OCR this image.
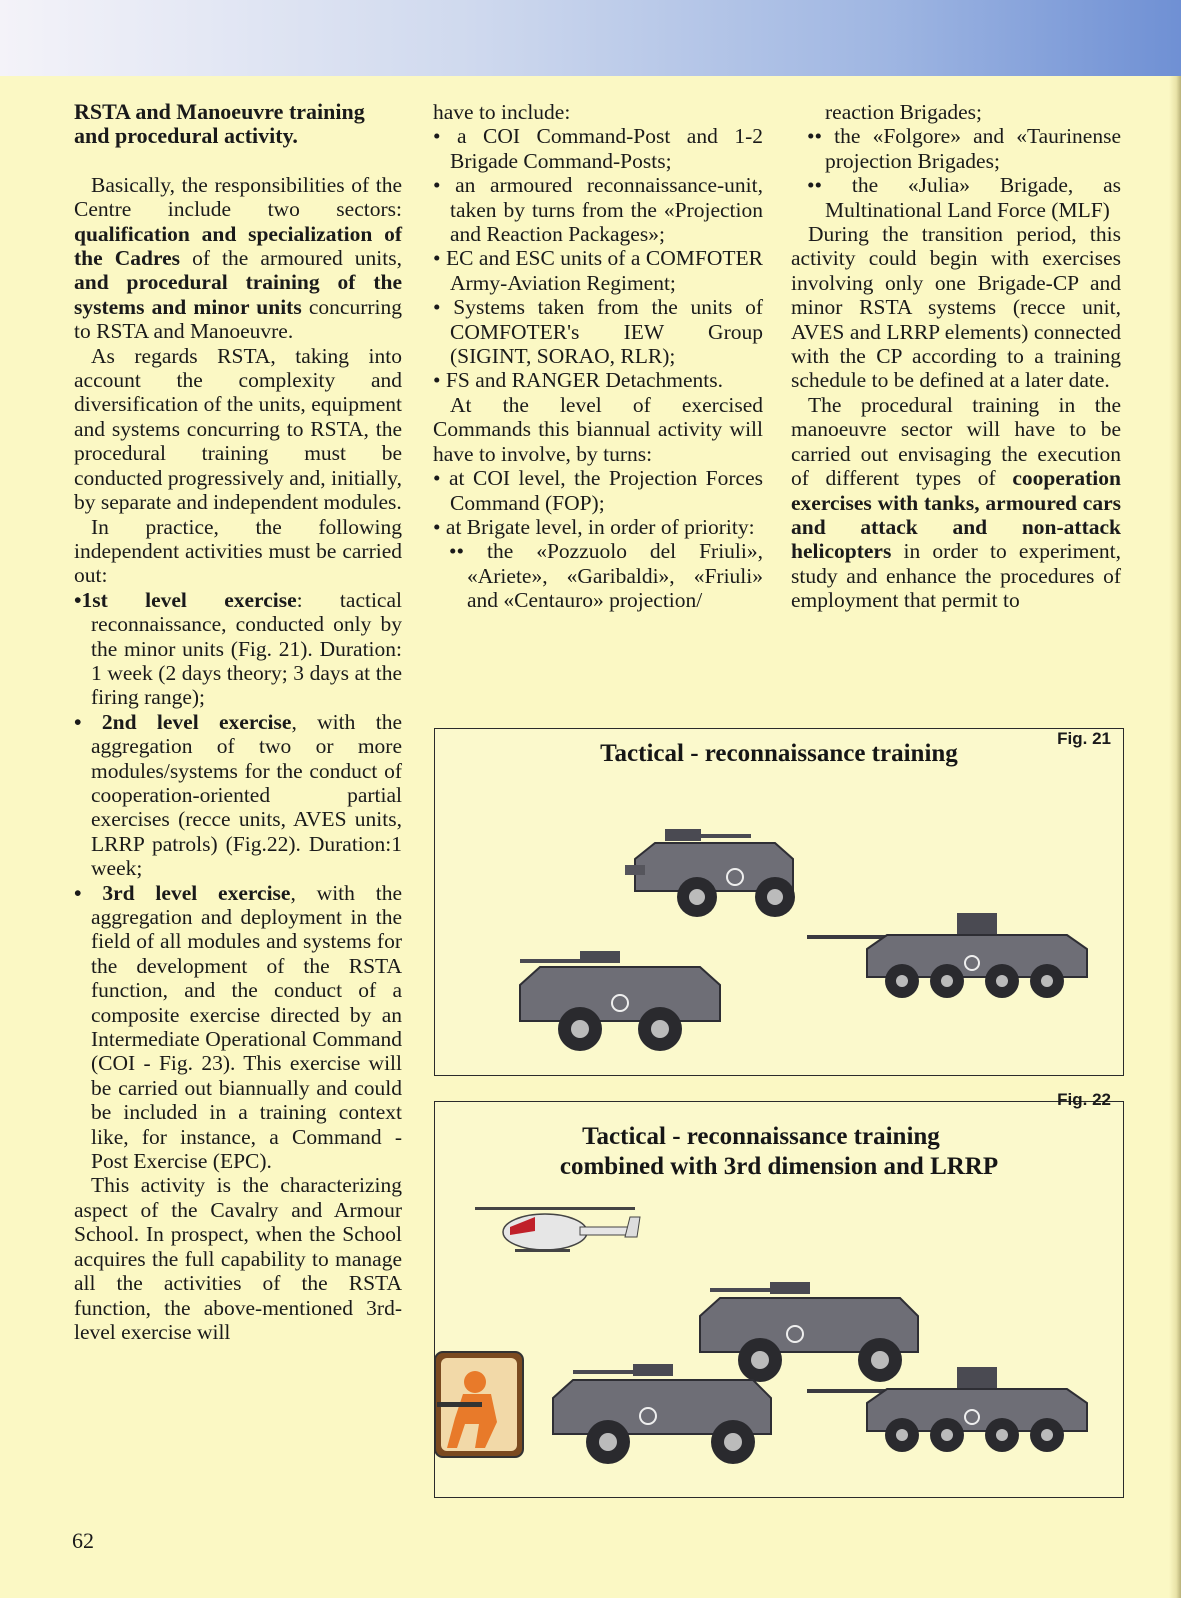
RSTA and Manoeuvre training and procedural activity.

Basically, the responsibilities of the Centre include two sectors: qualification and specialization of the Cadres of the armoured units, and procedural training of the systems and minor units concurring to RSTA and Manoeuvre.

As regards RSTA, taking into account the complexity and diversification of the units, equipment and systems concurring to RSTA, the procedural training must be conducted progressively and, initially, by separate and independent modules.

In practice, the following independent activities must be carried out:

•1st level exercise: tactical reconnaissance, conducted only by the minor units (Fig. 21). Duration: 1 week (2 days theory; 3 days at the firing range);

• 2nd level exercise, with the aggregation of two or more modules/systems for the conduct of cooperation-oriented partial exercises (recce units, AVES units, LRRP patrols) (Fig.22). Duration:1 week;

• 3rd level exercise, with the aggregation and deployment in the field of all modules and systems for the development of the RSTA function, and the conduct of a composite exercise directed by an Intermediate Operational Command (COI - Fig. 23). This exercise will be carried out biannually and could be included in a training context like, for instance, a Command - Post Exercise (EPC).

This activity is the characterizing aspect of the Cavalry and Armour School. In prospect, when the School acquires the full capability to manage all the activities of the RSTA function, the above-mentioned 3rd-level exercise will

have to include:

• a COI Command-Post and 1-2 Brigade Command-Posts;

• an armoured reconnaissance-unit, taken by turns from the «Projection and Reaction Packages»;

• EC and ESC units of a COMFOTER Army-Aviation Regiment;

• Systems taken from the units of COMFOTER's IEW Group (SIGINT, SORAO, RLR);

• FS and RANGER Detachments.

At the level of exercised Commands this biannual activity will have to involve, by turns:

• at COI level, the Projection Forces Command (FOP);

• at Brigate level, in order of priority:

•• the «Pozzuolo del Friuli», «Ariete», «Garibaldi», «Friuli» and «Centauro» projection/

reaction Brigades;

•• the «Folgore» and «Taurinense projection Brigades;

•• the «Julia» Brigade, as Multinational Land Force (MLF)

During the transition period, this activity could begin with exercises involving only one Brigade-CP and minor RSTA systems (recce unit, AVES and LRRP elements) connected with the CP according to a training schedule to be defined at a later date.

The procedural training in the manoeuvre sector will have to be carried out envisaging the execution of different types of cooperation exercises with tanks, armoured cars and attack and non-attack helicopters in order to experiment, study and enhance the procedures of employment that permit to

Fig. 21
Tactical - reconnaissance training
Fig. 22
Tactical - reconnaissance training
combined with 3rd dimension and LRRP
62
